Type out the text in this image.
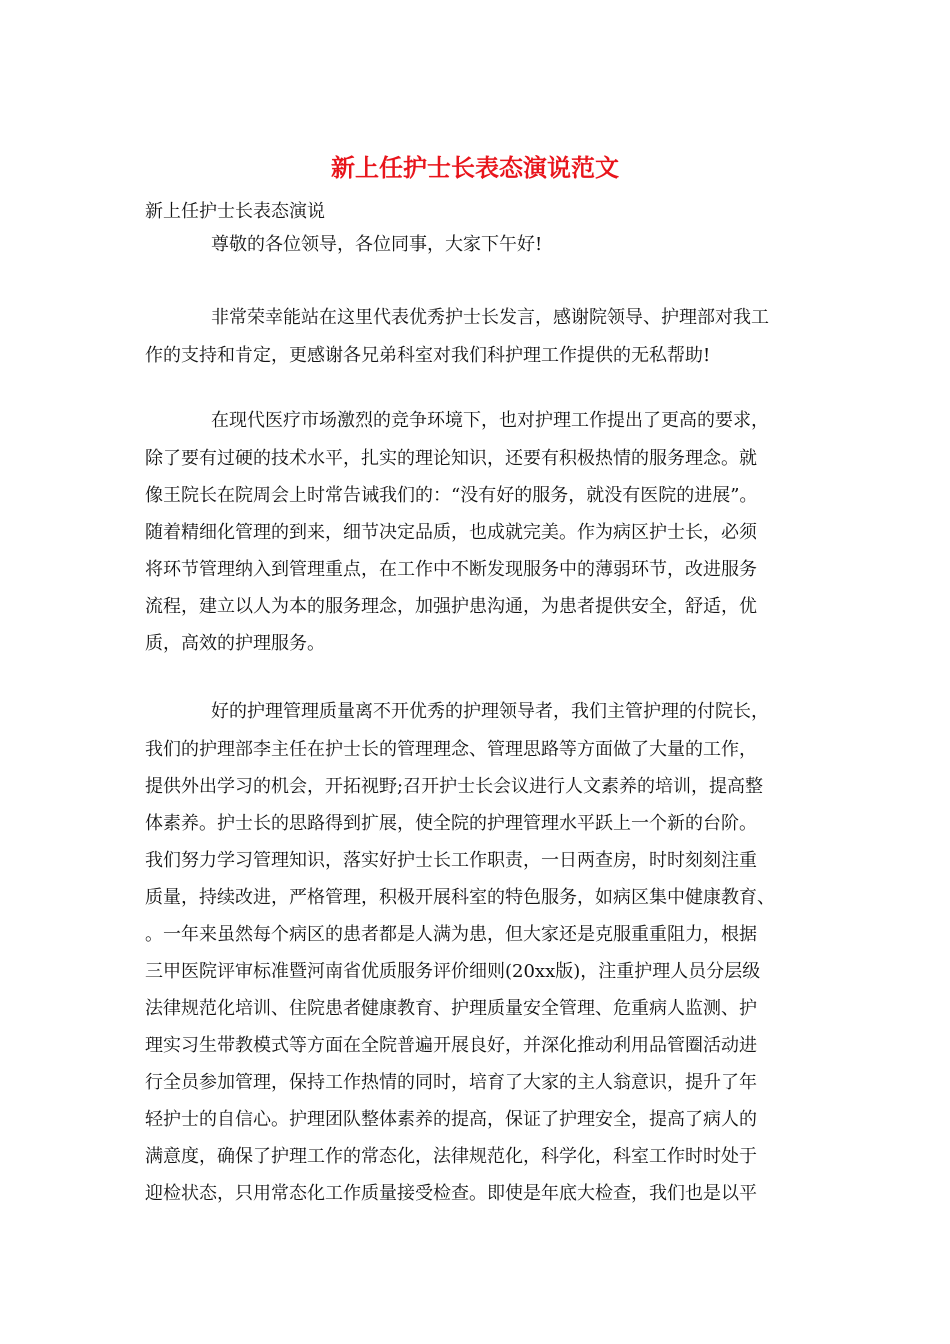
新上任护士长表态演说范文

新上任护士长表态演说

尊敬的各位领导，各位同事，大家下午好!

非常荣幸能站在这里代表优秀护士长发言，感谢院领导、护理部对我工

作的支持和肯定，更感谢各兄弟科室对我们科护理工作提供的无私帮助!

在现代医疗市场激烈的竞争环境下，也对护理工作提出了更高的要求，

除了要有过硬的技术水平，扎实的理论知识，还要有积极热情的服务理念。就

像王院长在院周会上时常告诫我们的：“没有好的服务，就没有医院的进展”。

随着精细化管理的到来，细节决定品质，也成就完美。作为病区护士长，必须

将环节管理纳入到管理重点，在工作中不断发现服务中的薄弱环节，改进服务

流程，建立以人为本的服务理念，加强护患沟通，为患者提供安全，舒适，优

质，高效的护理服务。

好的护理管理质量离不开优秀的护理领导者，我们主管护理的付院长，

我们的护理部李主任在护士长的管理理念、管理思路等方面做了大量的工作，

提供外出学习的机会，开拓视野;召开护士长会议进行人文素养的培训，提高整

体素养。护士长的思路得到扩展，使全院的护理管理水平跃上一个新的台阶。

我们努力学习管理知识，落实好护士长工作职责，一日两查房，时时刻刻注重

质量，持续改进，严格管理，积极开展科室的特色服务，如病区集中健康教育、

。一年来虽然每个病区的患者都是人满为患，但大家还是克服重重阻力，根据

三甲医院评审标准暨河南省优质服务评价细则(20xx版)，注重护理人员分层级

法律规范化培训、住院患者健康教育、护理质量安全管理、危重病人监测、护

理实习生带教模式等方面在全院普遍开展良好，并深化推动利用品管圈活动进

行全员参加管理，保持工作热情的同时，培育了大家的主人翁意识，提升了年

轻护士的自信心。护理团队整体素养的提高，保证了护理安全，提高了病人的

满意度，确保了护理工作的常态化，法律规范化，科学化，科室工作时时处于

迎检状态，只用常态化工作质量接受检查。即使是年底大检查，我们也是以平
